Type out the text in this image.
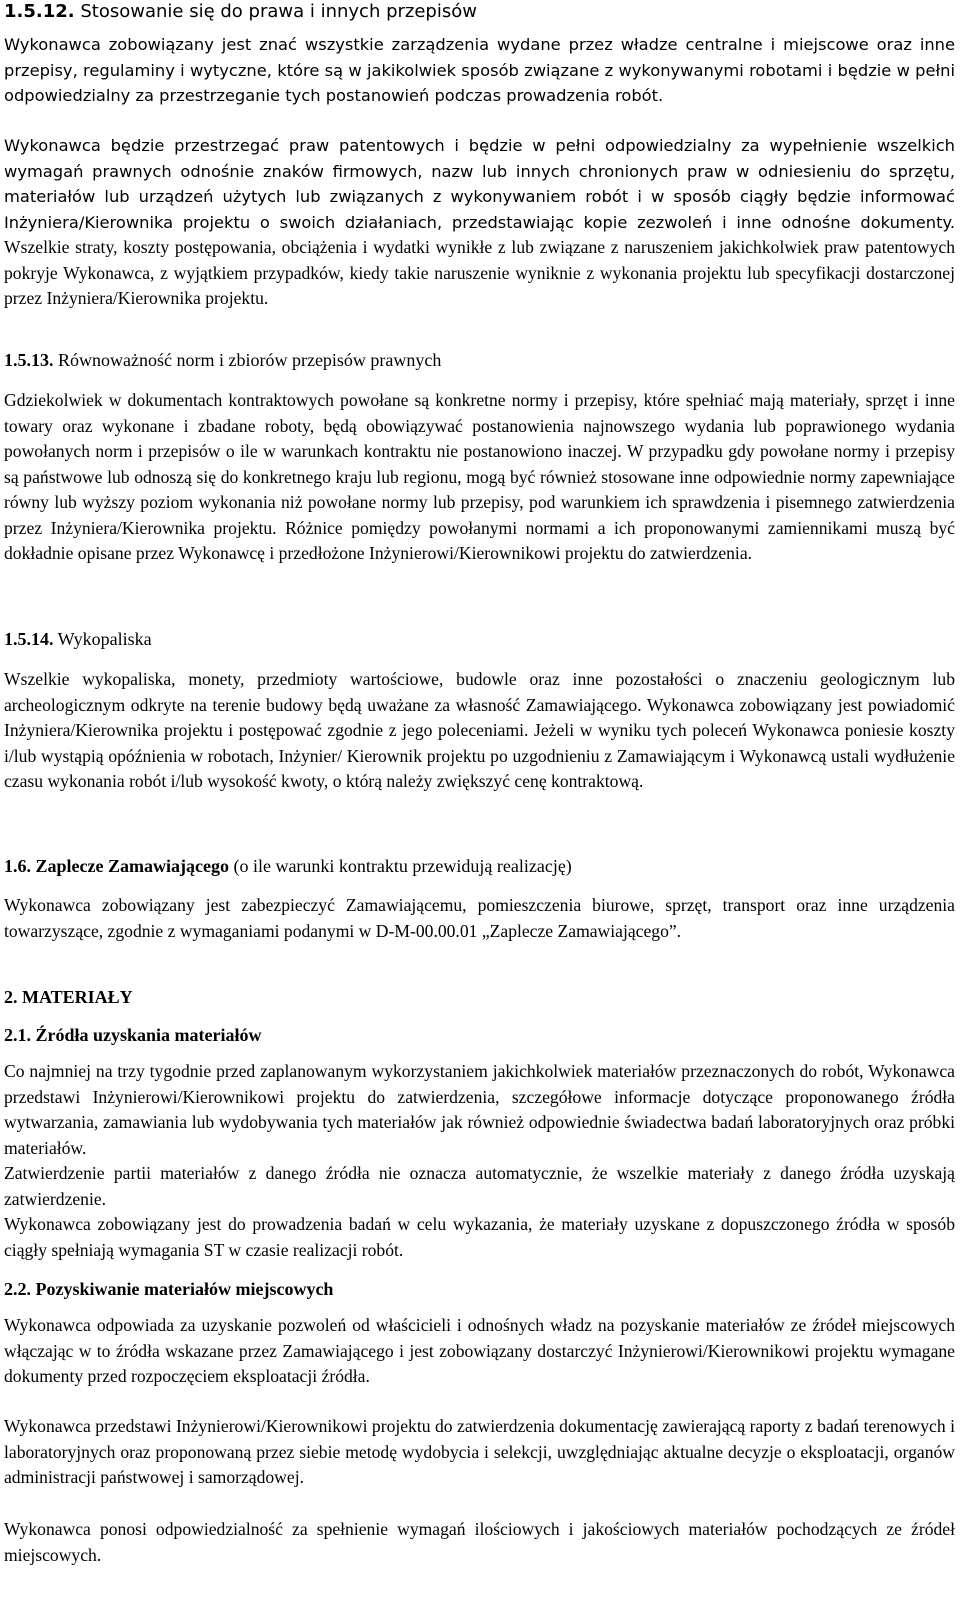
1.5.12. Stosowanie się do prawa i innych przepisów

Wykonawca zobowiązany jest znać wszystkie zarządzenia wydane przez władze centralne i miejscowe oraz inne przepisy, regulaminy i wytyczne, które są w jakikolwiek sposób związane z wykonywanymi robotami i będzie w pełni odpowiedzialny za przestrzeganie tych postanowień podczas prowadzenia robót.

Wykonawca będzie przestrzegać praw patentowych i będzie w pełni odpowiedzialny za wypełnienie wszelkich wymagań prawnych odnośnie znaków firmowych, nazw lub innych chronionych praw w odniesieniu do sprzętu, materiałów lub urządzeń użytych lub związanych z wykonywaniem robót i w sposób ciągły będzie informować Inżyniera/Kierownika projektu o swoich działaniach, przedstawiając kopie zezwoleń i inne odnośne dokumenty. Wszelkie straty, koszty postępowania, obciążenia i wydatki wynikłe z lub związane z naruszeniem jakichkolwiek praw patentowych pokryje Wykonawca, z wyjątkiem przypadków, kiedy takie naruszenie wyniknie z wykonania projektu lub specyfikacji dostarczonej przez Inżyniera/Kierownika projektu.

1.5.13. Równoważność norm i zbiorów przepisów prawnych

Gdziekolwiek w dokumentach kontraktowych powołane są konkretne normy i przepisy, które spełniać mają materiały, sprzęt i inne towary oraz wykonane i zbadane roboty, będą obowiązywać postanowienia najnowszego wydania lub poprawionego wydania powołanych norm i przepisów o ile w warunkach kontraktu nie postanowiono inaczej. W przypadku gdy powołane normy i przepisy są państwowe lub odnoszą się do konkretnego kraju lub regionu, mogą być również stosowane inne odpowiednie normy zapewniające równy lub wyższy poziom wykonania niż powołane normy lub przepisy, pod warunkiem ich sprawdzenia i pisemnego zatwierdzenia przez Inżyniera/Kierownika projektu. Różnice pomiędzy powołanymi normami a ich proponowanymi zamiennikami muszą być dokładnie opisane przez Wykonawcę i przedłożone Inżynierowi/Kierownikowi projektu do zatwierdzenia.

1.5.14. Wykopaliska

Wszelkie wykopaliska, monety, przedmioty wartościowe, budowle oraz inne pozostałości o znaczeniu geologicznym lub archeologicznym odkryte na terenie budowy będą uważane za własność Zamawiającego. Wykonawca zobowiązany jest powiadomić Inżyniera/Kierownika projektu i postępować zgodnie z jego poleceniami. Jeżeli w wyniku tych poleceń Wykonawca poniesie koszty i/lub wystąpią opóźnienia w robotach, Inżynier/ Kierownik projektu po uzgodnieniu z Zamawiającym i Wykonawcą ustali wydłużenie czasu wykonania robót i/lub wysokość kwoty, o którą należy zwiększyć cenę kontraktową.

1.6. Zaplecze Zamawiającego (o ile warunki kontraktu przewidują realizację)

Wykonawca zobowiązany jest zabezpieczyć Zamawiającemu, pomieszczenia biurowe, sprzęt, transport oraz inne urządzenia towarzyszące, zgodnie z wymaganiami podanymi w D-M-00.00.01 „Zaplecze Zamawiającego”.

2. MATERIAŁY
2.1. Źródła uzyskania materiałów

Co najmniej na trzy tygodnie przed zaplanowanym wykorzystaniem jakichkolwiek materiałów przeznaczonych do robót, Wykonawca przedstawi Inżynierowi/Kierownikowi projektu do zatwierdzenia, szczegółowe informacje dotyczące proponowanego źródła wytwarzania, zamawiania lub wydobywania tych materiałów jak również odpowiednie świadectwa badań laboratoryjnych oraz próbki materiałów.

Zatwierdzenie partii materiałów z danego źródła nie oznacza automatycznie, że wszelkie materiały z danego źródła uzyskają zatwierdzenie.

Wykonawca zobowiązany jest do prowadzenia badań w celu wykazania, że materiały uzyskane z dopuszczonego źródła w sposób ciągły spełniają wymagania ST w czasie realizacji robót.

2.2. Pozyskiwanie materiałów miejscowych

Wykonawca odpowiada za uzyskanie pozwoleń od właścicieli i odnośnych władz na pozyskanie materiałów ze źródeł miejscowych włączając w to źródła wskazane przez Zamawiającego i jest zobowiązany dostarczyć Inżynierowi/Kierownikowi projektu wymagane dokumenty przed rozpoczęciem eksploatacji źródła.

Wykonawca przedstawi Inżynierowi/Kierownikowi projektu do zatwierdzenia dokumentację zawierającą raporty z badań terenowych i laboratoryjnych oraz proponowaną przez siebie metodę wydobycia i selekcji, uwzględniając aktualne decyzje o eksploatacji, organów administracji państwowej i samorządowej.

Wykonawca ponosi odpowiedzialność za spełnienie wymagań ilościowych i jakościowych materiałów pochodzących ze źródeł miejscowych.
